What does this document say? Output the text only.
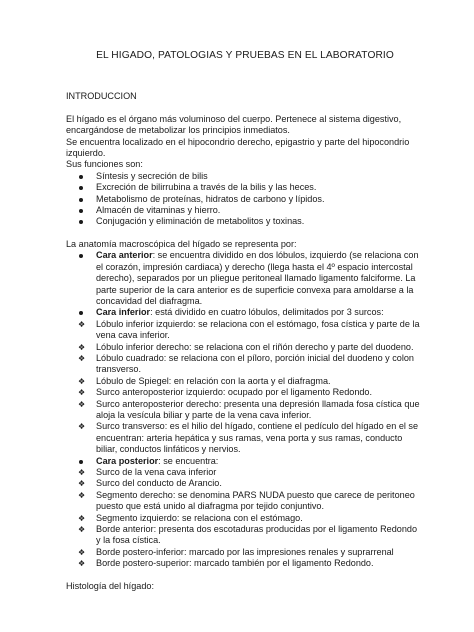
EL HIGADO, PATOLOGIAS Y PRUEBAS EN EL LABORATORIO

INTRODUCCION

El hígado es el órgano más voluminoso del cuerpo. Pertenece al sistema digestivo,

encargándose de metabolizar los principios inmediatos.

Se encuentra localizado en el hipocondrio derecho, epigastrio y parte del hipocondrio

izquierdo.

Sus funciones son:

Síntesis y secreción de bilis
Excreción de bilirrubina a través de la bilis y las heces.
Metabolismo de proteínas, hidratos de carbono y lípidos.
Almacén de vitaminas y hierro.
Conjugación y eliminación de metabolitos y toxinas.

La anatomía macroscópica del hígado se representa por:

Cara anterior: se encuentra dividido en dos lóbulos, izquierdo (se relaciona con el corazón, impresión cardiaca) y derecho (llega hasta el 4º espacio intercostal derecho), separados por un pliegue peritoneal llamado ligamento falciforme. La parte superior de la cara anterior es de superficie convexa para amoldarse a la concavidad del diafragma.
Cara inferior: está dividido en cuatro lóbulos, delimitados por 3 surcos:
❖	Lóbulo inferior izquierdo: se relaciona con el estómago, fosa cística y parte de la vena cava inferior.
❖	Lóbulo inferior derecho: se relaciona con el riñón derecho y parte del duodeno.
❖	Lóbulo cuadrado: se relaciona con el píloro, porción inicial del duodeno y colon transverso.
❖	Lóbulo de Spiegel: en relación con la aorta y el diafragma.
❖	Surco anteroposterior izquierdo: ocupado por el ligamento Redondo.
❖	Surco anteroposterior derecho: presenta una depresión llamada fosa cística que aloja la vesícula biliar y parte de la vena cava inferior.
❖	Surco transverso: es el hilio del hígado, contiene el pedículo del hígado en el se encuentran: arteria hepática y sus ramas, vena porta y sus ramas, conducto biliar, conductos linfáticos y nervios.
Cara posterior: se encuentra:
❖	Surco de la vena cava inferior
❖	Surco del conducto de Arancio.
❖	Segmento derecho: se denomina PARS NUDA puesto que carece de peritoneo puesto que está unido al diafragma por tejido conjuntivo.
❖	Segmento izquierdo: se relaciona con el estómago.
❖	Borde anterior: presenta dos escotaduras producidas por el ligamento Redondo y la fosa cística.
❖	Borde postero-inferior: marcado por las impresiones renales y suprarrenal
❖	Borde postero-superior: marcado también por el ligamento Redondo.

Histología del hígado:
